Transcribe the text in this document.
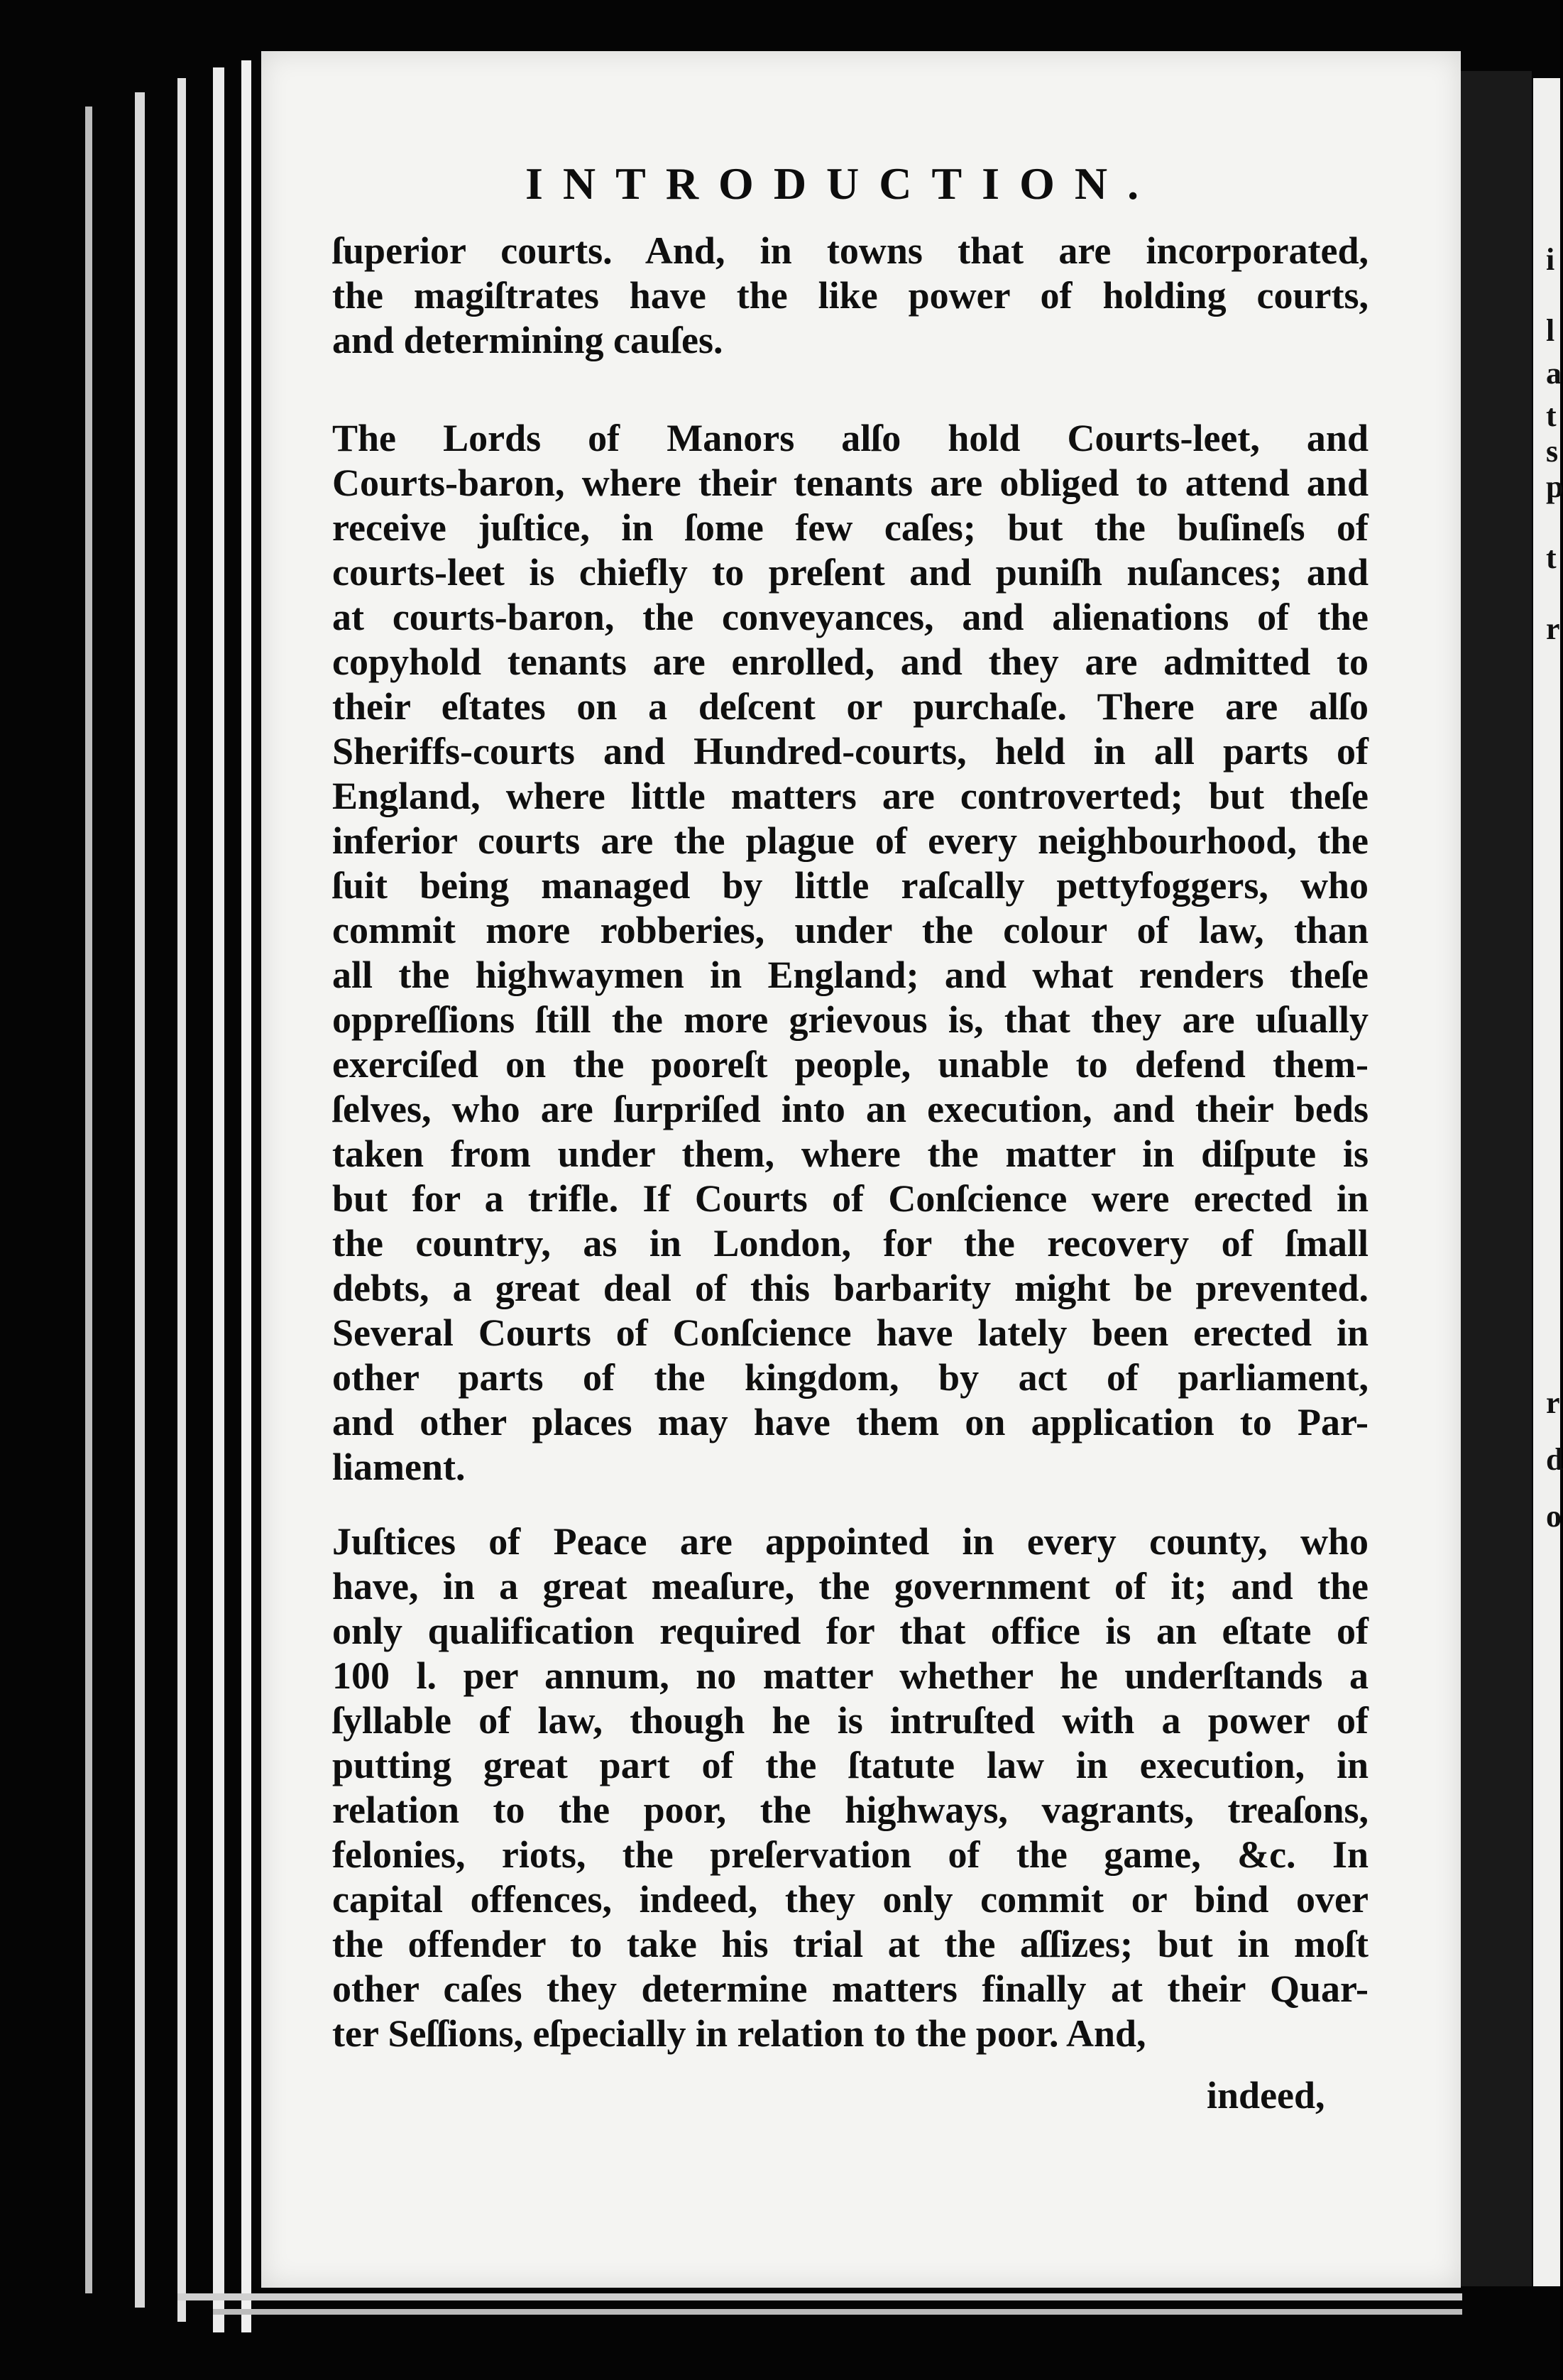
i
l
a
t
s
p
t
r
r
d
o
INTRODUCTION.
ſuperior courts. And, in towns that are incorporated,
the magiſtrates have the like power of holding courts,
and determining cauſes.
The Lords of Manors alſo hold Courts-leet, and
Courts-baron, where their tenants are obliged to attend and
receive juſtice, in ſome few caſes; but the buſineſs of
courts-leet is chiefly to preſent and puniſh nuſances; and
at courts-baron, the conveyances, and alienations of the
copyhold tenants are enrolled, and they are admitted to
their eſtates on a deſcent or purchaſe. There are alſo
Sheriffs-courts and Hundred-courts, held in all parts of
England, where little matters are controverted; but theſe
inferior courts are the plague of every neighbourhood, the
ſuit being managed by little raſcally pettyfoggers, who
commit more robberies, under the colour of law, than
all the highwaymen in England; and what renders theſe
oppreſſions ſtill the more grievous is, that they are uſually
exerciſed on the pooreſt people, unable to defend them-
ſelves, who are ſurpriſed into an execution, and their beds
taken from under them, where the matter in diſpute is
but for a trifle. If Courts of Conſcience were erected in
the country, as in London, for the recovery of ſmall
debts, a great deal of this barbarity might be prevented.
Several Courts of Conſcience have lately been erected in
other parts of the kingdom, by act of parliament,
and other places may have them on application to Par-
liament.
Juſtices of Peace are appointed in every county, who
have, in a great meaſure, the government of it; and the
only qualification required for that office is an eſtate of
100 l. per annum, no matter whether he underſtands a
ſyllable of law, though he is intruſted with a power of
putting great part of the ſtatute law in execution, in
relation to the poor, the highways, vagrants, treaſons,
felonies, riots, the preſervation of the game, &c. In
capital offences, indeed, they only commit or bind over
the offender to take his trial at the aſſizes; but in moſt
other caſes they determine matters finally at their Quar-
ter Seſſions, eſpecially in relation to the poor. And,
indeed,
